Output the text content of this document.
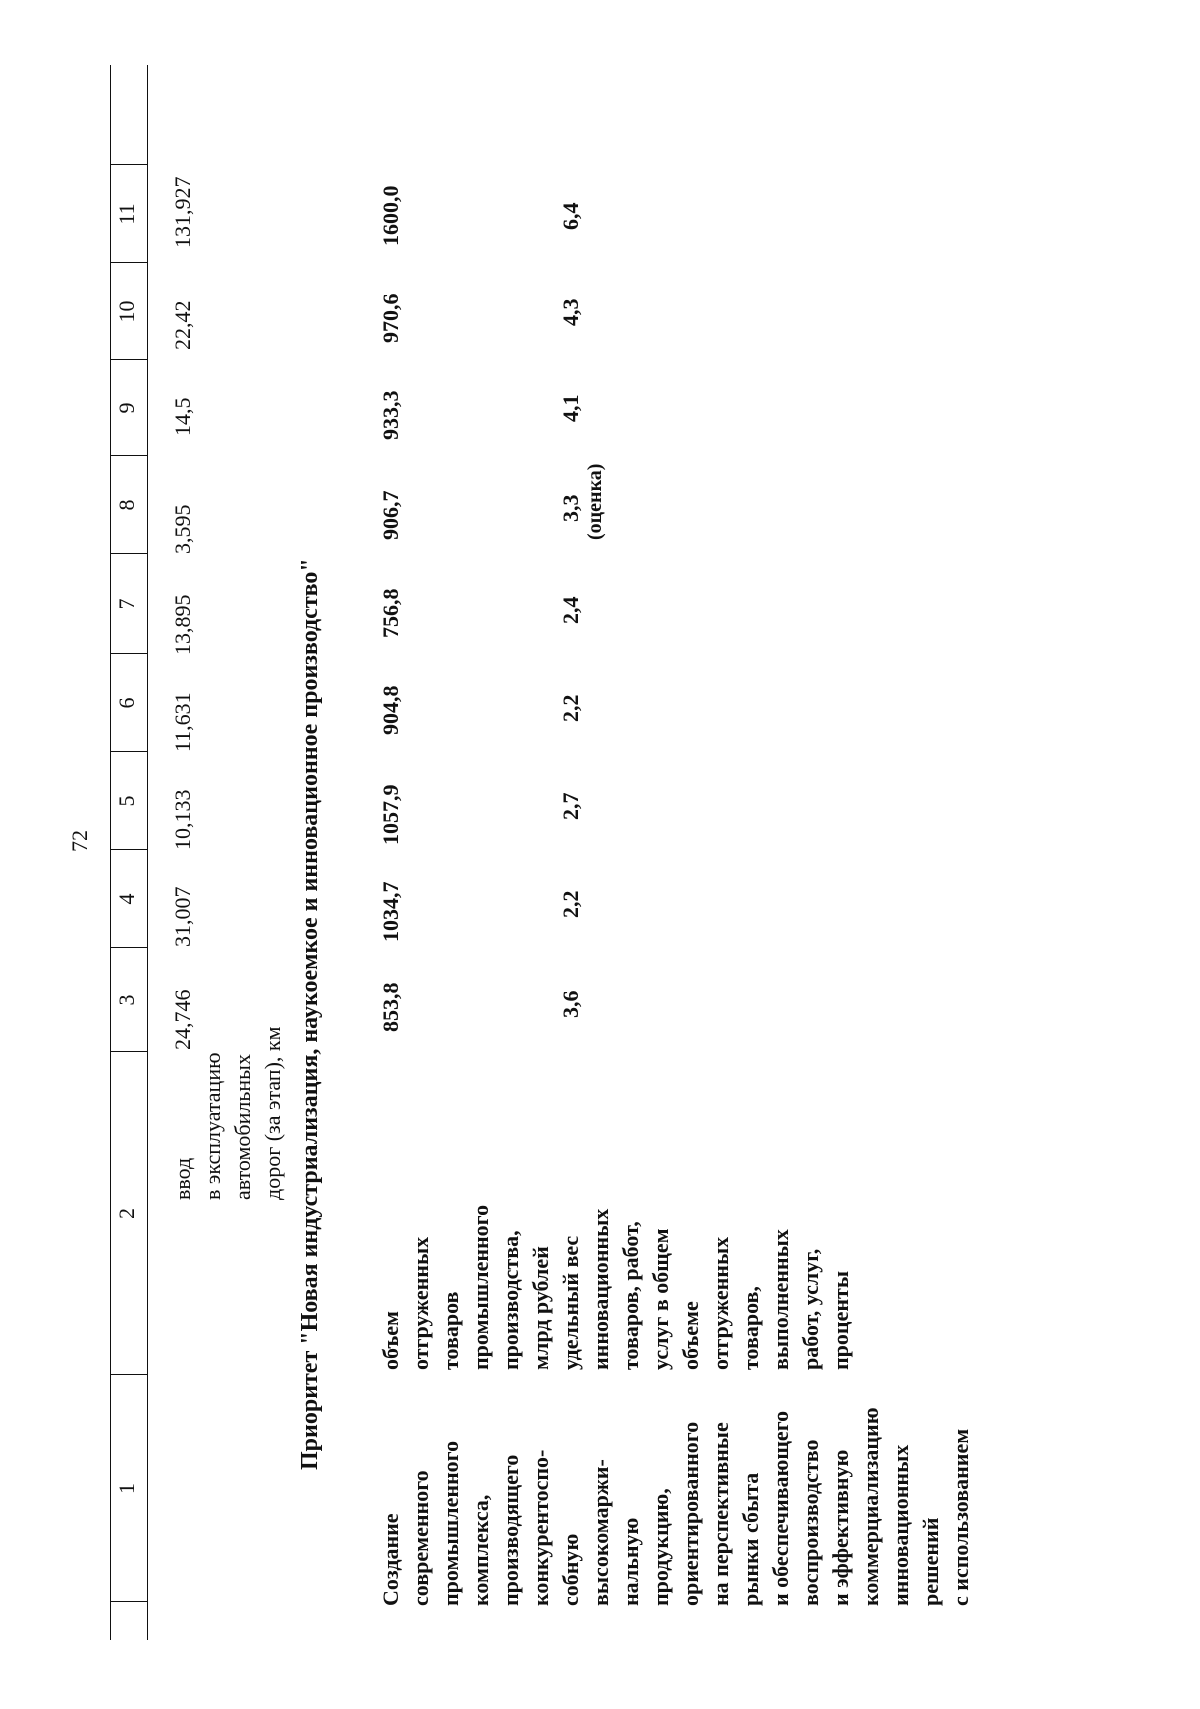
72
1
2
3
4
5
6
7
8
9
10
11
ввод в эксплуатацию автомобильных дорог (за этап), км
24,746
31,007
10,133
11,631
13,895
3,595
14,5
22,42
131,927
Приоритет "Новая индустриализация, наукоемкое и инновационное производство"
Создание современного промышленного комплекса, производящего конкурентоспо- собную высокомаржи- нальную продукцию, ориентированного на перспективные рынки сбыта и обеспечивающего воспроизводство и эффективную коммерциализацию инновационных решений с использованием
объем отгруженных товаров промышленного производства, млрд рублей
853,8
1034,7
1057,9
904,8
756,8
906,7
933,3
970,6
1600,0
удельный вес инновационных товаров, работ, услуг в общем объеме отгруженных товаров, выполненных работ, услуг, проценты
3,6
2,2
2,7
2,2
2,4
3,3 (оценка)
4,1
4,3
6,4
